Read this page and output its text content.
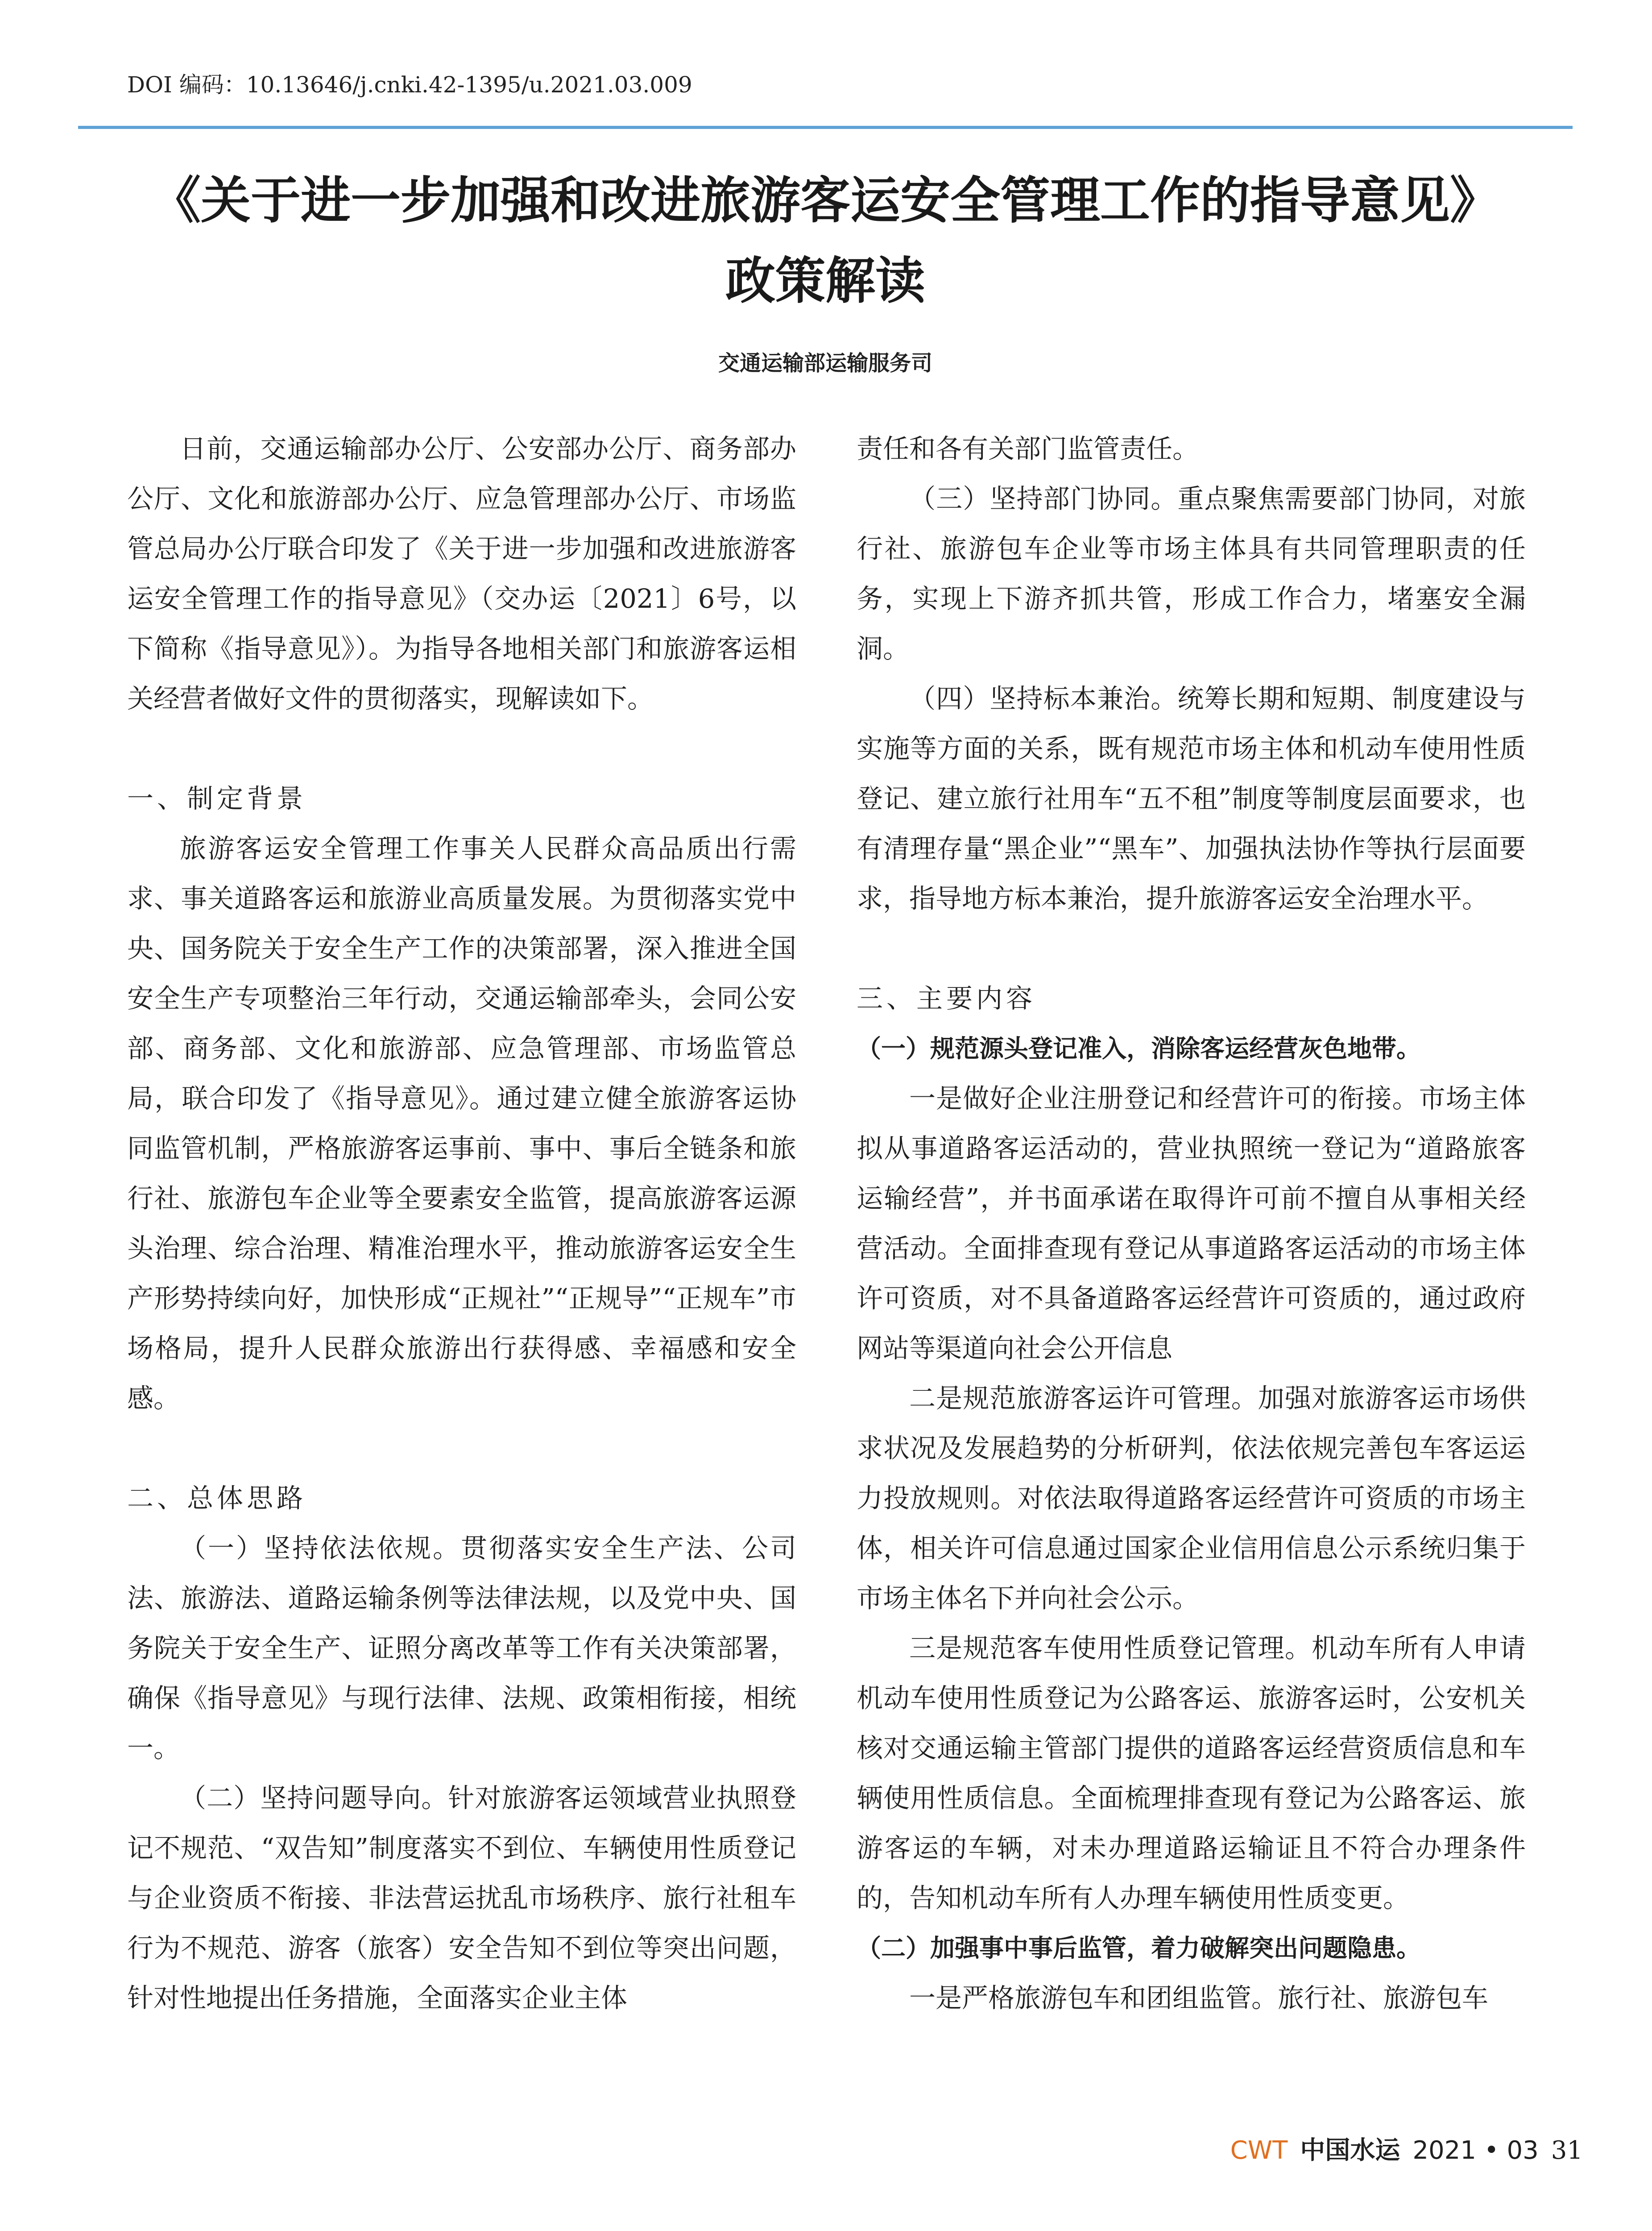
DOI 编码：10.13646/j.cnki.42-1395/u.2021.03.009
《关于进一步加强和改进旅游客运安全管理工作的指导意见》
政策解读
交通运输部运输服务司

日前，交通运输部办公厅、公安部办公厅、商务部办公厅、文化和旅游部办公厅、应急管理部办公厅、市场监管总局办公厅联合印发了《关于进一步加强和改进旅游客运安全管理工作的指导意见》（交办运〔2021〕6号，以下简称《指导意见》）。为指导各地相关部门和旅游客运相关经营者做好文件的贯彻落实，现解读如下。

一、制定背景

旅游客运安全管理工作事关人民群众高品质出行需求、事关道路客运和旅游业高质量发展。为贯彻落实党中央、国务院关于安全生产工作的决策部署，深入推进全国安全生产专项整治三年行动，交通运输部牵头，会同公安部、商务部、文化和旅游部、应急管理部、市场监管总局，联合印发了《指导意见》。通过建立健全旅游客运协同监管机制，严格旅游客运事前、事中、事后全链条和旅行社、旅游包车企业等全要素安全监管，提高旅游客运源头治理、综合治理、精准治理水平，推动旅游客运安全生产形势持续向好，加快形成“正规社”“正规导”“正规车”市场格局，提升人民群众旅游出行获得感、幸福感和安全感。

二、总体思路

（一）坚持依法依规。贯彻落实安全生产法、公司法、旅游法、道路运输条例等法律法规，以及党中央、国务院关于安全生产、证照分离改革等工作有关决策部署，确保《指导意见》与现行法律、法规、政策相衔接，相统一。

（二）坚持问题导向。针对旅游客运领域营业执照登记不规范、“双告知”制度落实不到位、车辆使用性质登记与企业资质不衔接、非法营运扰乱市场秩序、旅行社租车行为不规范、游客（旅客）安全告知不到位等突出问题，针对性地提出任务措施，全面落实企业主体

责任和各有关部门监管责任。

（三）坚持部门协同。重点聚焦需要部门协同，对旅行社、旅游包车企业等市场主体具有共同管理职责的任务，实现上下游齐抓共管，形成工作合力，堵塞安全漏洞。

（四）坚持标本兼治。统筹长期和短期、制度建设与实施等方面的关系，既有规范市场主体和机动车使用性质登记、建立旅行社用车“五不租”制度等制度层面要求，也有清理存量“黑企业”“黑车”、加强执法协作等执行层面要求，指导地方标本兼治，提升旅游客运安全治理水平。

三、主要内容
（一）规范源头登记准入，消除客运经营灰色地带。

一是做好企业注册登记和经营许可的衔接。市场主体拟从事道路客运活动的，营业执照统一登记为“道路旅客运输经营”，并书面承诺在取得许可前不擅自从事相关经营活动。全面排查现有登记从事道路客运活动的市场主体许可资质，对不具备道路客运经营许可资质的，通过政府网站等渠道向社会公开信息

二是规范旅游客运许可管理。加强对旅游客运市场供求状况及发展趋势的分析研判，依法依规完善包车客运运力投放规则。对依法取得道路客运经营许可资质的市场主体，相关许可信息通过国家企业信用信息公示系统归集于市场主体名下并向社会公示。

三是规范客车使用性质登记管理。机动车所有人申请机动车使用性质登记为公路客运、旅游客运时，公安机关核对交通运输主管部门提供的道路客运经营资质信息和车辆使用性质信息。全面梳理排查现有登记为公路客运、旅游客运的车辆，对未办理道路运输证且不符合办理条件的，告知机动车所有人办理车辆使用性质变更。

（二）加强事中事后监管，着力破解突出问题隐患。

一是严格旅游包车和团组监管。旅行社、旅游包车

CWT 中国水运 2021 • 03 31
